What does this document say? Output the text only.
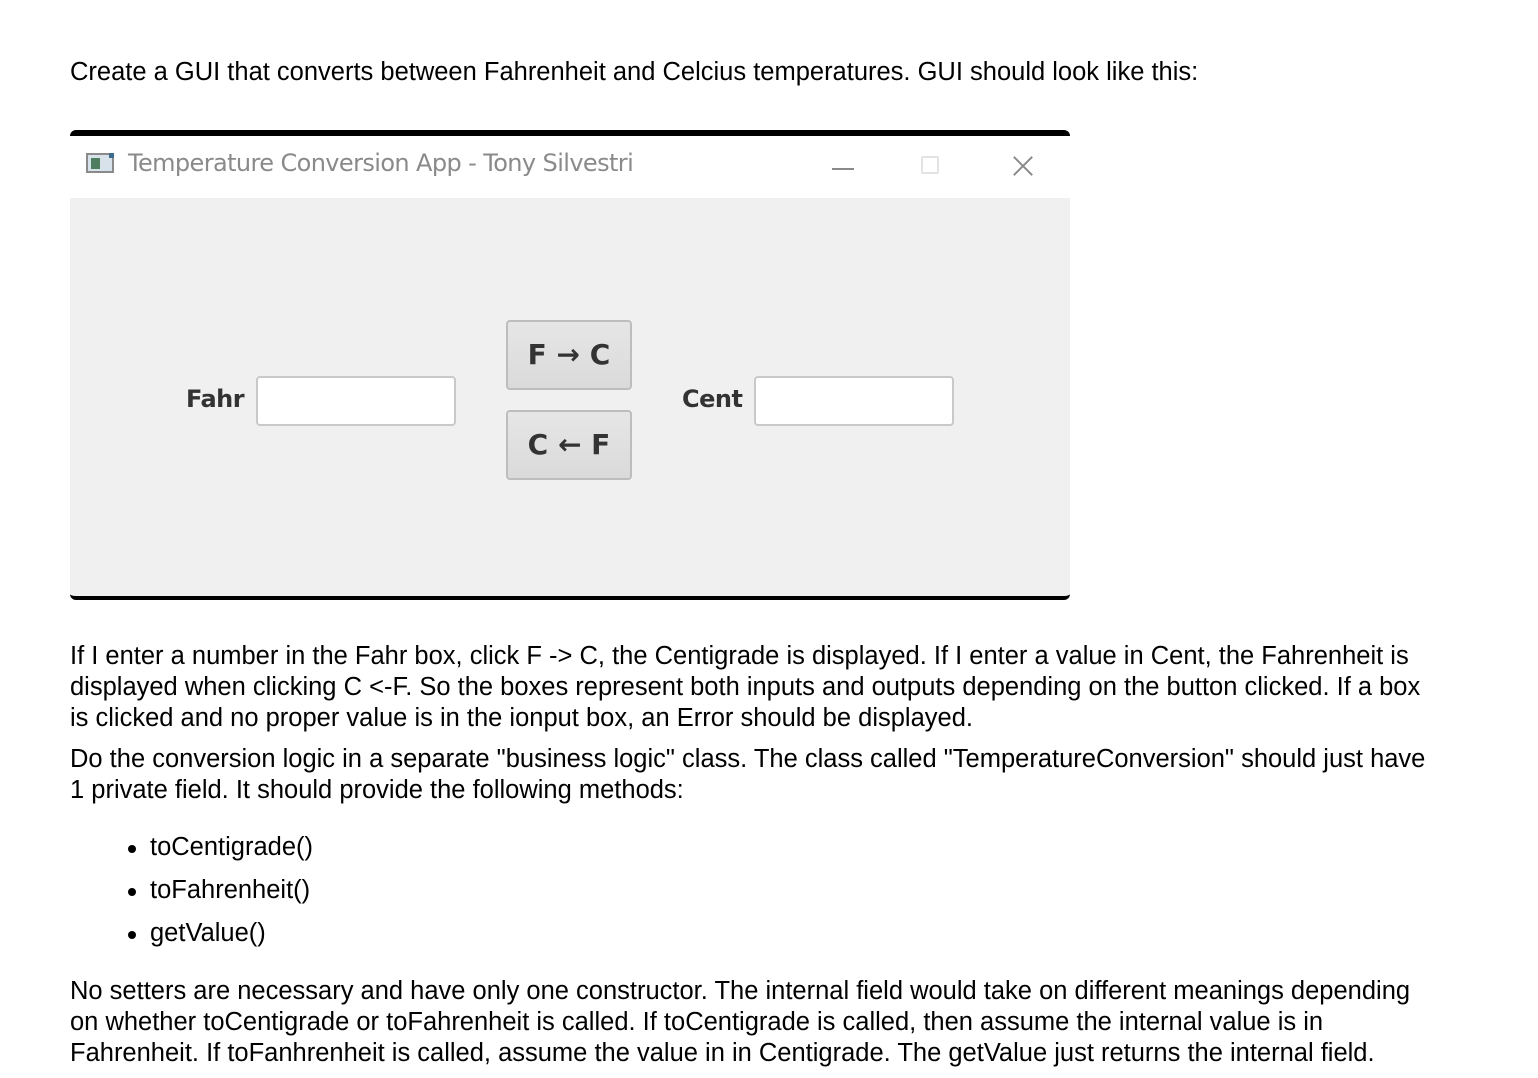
Create a GUI that converts between Fahrenheit and Celcius temperatures. GUI should look like this:
Temperature Conversion App - Tony Silvestri
Fahr
F → C
C ← F
Cent
If I enter a number in the Fahr box, click F -> C, the Centigrade is displayed. If I enter a value in Cent, the Fahrenheit is
displayed when clicking C <-F. So the boxes represent both inputs and outputs depending on the button clicked. If a box
is clicked and no proper value is in the ionput box, an Error should be displayed.
Do the conversion logic in a separate "business logic" class. The class called "TemperatureConversion" should just have
1 private field. It should provide the following methods:
toCentigrade()
toFahrenheit()
getValue()
No setters are necessary and have only one constructor. The internal field would take on different meanings depending
on whether toCentigrade or toFahrenheit is called. If toCentigrade is called, then assume the internal value is in
Fahrenheit. If toFanhrenheit is called, assume the value in in Centigrade. The getValue just returns the internal field.
